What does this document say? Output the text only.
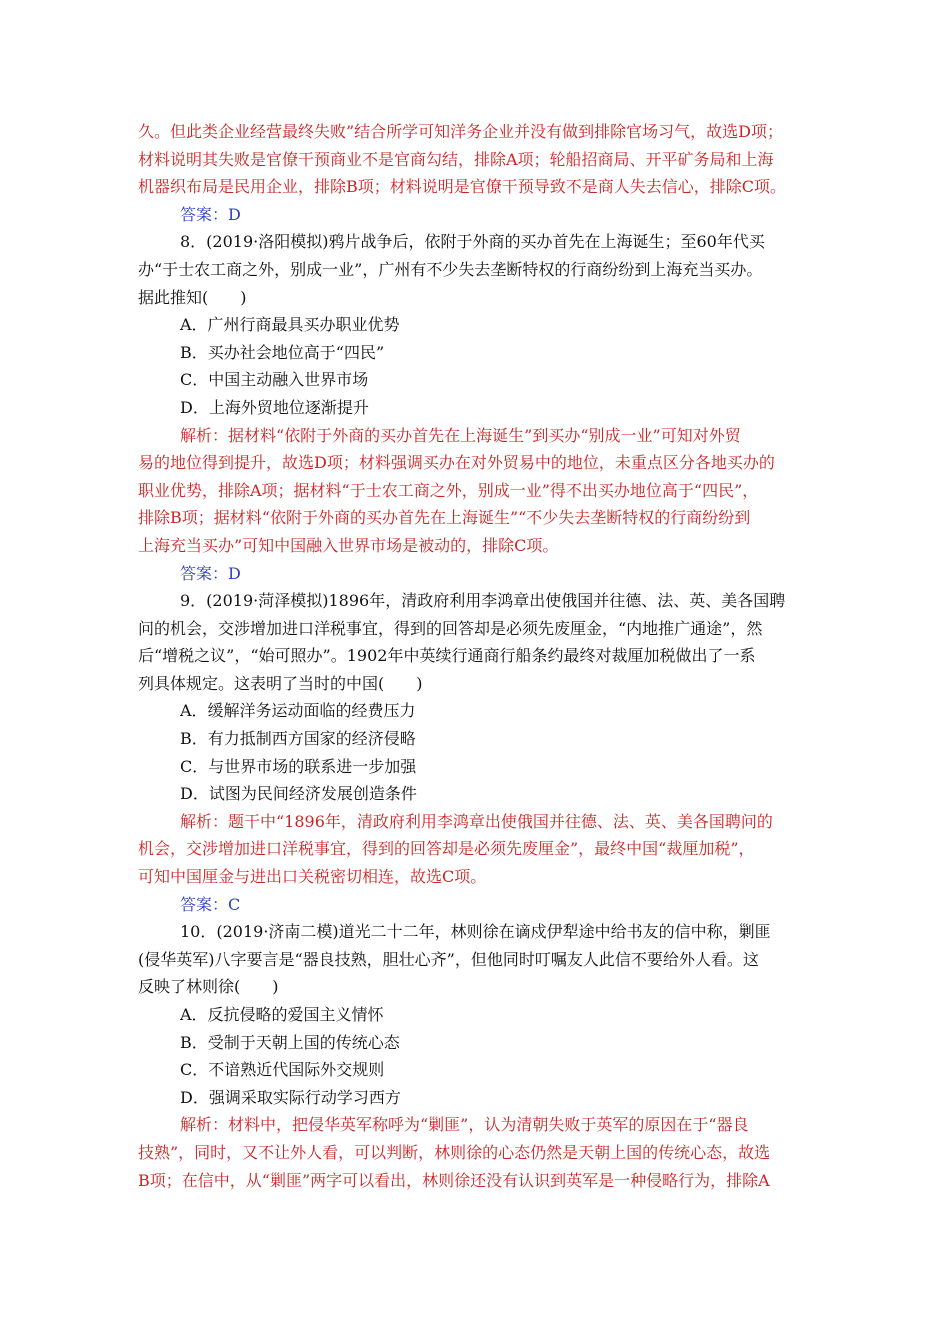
久。但此类企业经营最终失败”结合所学可知洋务企业并没有做到排除官场习气，故选D项；
材料说明其失败是官僚干预商业不是官商勾结，排除A项；轮船招商局、开平矿务局和上海
机器织布局是民用企业，排除B项；材料说明是官僚干预导致不是商人失去信心，排除C项。
答案：D
8．(2019·洛阳模拟)鸦片战争后，依附于外商的买办首先在上海诞生；至60年代买
办“于士农工商之外，别成一业”，广州有不少失去垄断特权的行商纷纷到上海充当买办。
据此推知(　　)
A．广州行商最具买办职业优势
B．买办社会地位高于“四民”
C．中国主动融入世界市场
D．上海外贸地位逐渐提升
解析：据材料“依附于外商的买办首先在上海诞生”到买办“别成一业”可知对外贸
易的地位得到提升，故选D项；材料强调买办在对外贸易中的地位，未重点区分各地买办的
职业优势，排除A项；据材料“于士农工商之外，别成一业”得不出买办地位高于“四民”，
排除B项；据材料“依附于外商的买办首先在上海诞生”“不少失去垄断特权的行商纷纷到
上海充当买办”可知中国融入世界市场是被动的，排除C项。
答案：D
9．(2019·菏泽模拟)1896年，清政府利用李鸿章出使俄国并往德、法、英、美各国聘
问的机会，交涉增加进口洋税事宜，得到的回答却是必须先废厘金，“内地推广通途”，然
后“增税之议”，“始可照办”。1902年中英续行通商行船条约最终对裁厘加税做出了一系
列具体规定。这表明了当时的中国(　　)
A．缓解洋务运动面临的经费压力
B．有力抵制西方国家的经济侵略
C．与世界市场的联系进一步加强
D．试图为民间经济发展创造条件
解析：题干中“1896年，清政府利用李鸿章出使俄国并往德、法、英、美各国聘问的
机会，交涉增加进口洋税事宜，得到的回答却是必须先废厘金”，最终中国“裁厘加税”，
可知中国厘金与进出口关税密切相连，故选C项。
答案：C
10．(2019·济南二模)道光二十二年，林则徐在谪戍伊犁途中给书友的信中称，剿匪
(侵华英军)八字要言是“器良技熟，胆壮心齐”，但他同时叮嘱友人此信不要给外人看。这
反映了林则徐(　　)
A．反抗侵略的爱国主义情怀
B．受制于天朝上国的传统心态
C．不谙熟近代国际外交规则
D．强调采取实际行动学习西方
解析：材料中，把侵华英军称呼为“剿匪”，认为清朝失败于英军的原因在于“器良
技熟”，同时，又不让外人看，可以判断，林则徐的心态仍然是天朝上国的传统心态，故选
B项；在信中，从“剿匪”两字可以看出，林则徐还没有认识到英军是一种侵略行为，排除A
